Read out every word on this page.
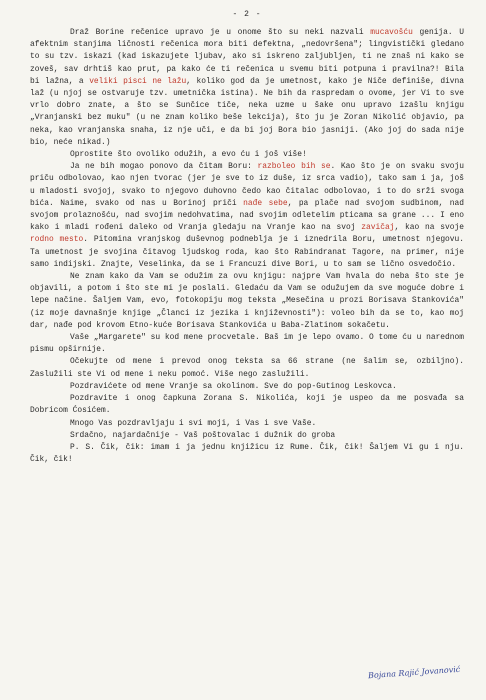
- 2 -

Draž Borine rečenice upravo je u onome što su neki nazvali mucavošću genija. U afektnim stanjima ličnosti rečenica mora biti defektna, „nedovršena"; lingvistički gledano to su tzv. iskazi (kad iskazujete ljubav, ako si iskreno zaljubljen, ti ne znaš ni kako se zoveš, sav drhtiš kao prut, pa kako će ti rečenica u svemu biti potpuna i pravilna?! Bila bi lažna, a veliki pisci ne lažu, koliko god da je umetnost, kako je Niče definiše, divna laž (u njoj se ostvaruje tzv. umetnička istina). Ne bih da raspredam o ovome, jer Vi to sve vrlo dobro znate, a što se Sunčice tiče, neka uzme u šake onu upravo izašlu knjigu „Vranjanski bez muku" (u ne znam koliko beše lekcija), što ju je Zoran Nikolić objavio, pa neka, kao vranjanska snaha, iz nje uči, e da bi joj Bora bio jasniji. (Ako joj do sada nije bio, neće nikad.)

Oprostite što ovoliko odužih, a evo ću i još više!

Ja ne bih mogao ponovo da čitam Boru: razboleo bih se. Kao što je on svaku svoju priču odbolovao, kao njen tvorac (jer je sve to iz duše, iz srca vadio), tako sam i ja, još u mladosti svojoj, svako to njegovo duhovno čedo kao čitalac odbolovao, i to do srži svoga bića. Naime, svako od nas u Borinoj priči nađe sebe, pa plače nad svojom sudbinom, nad svojom prolaznošću, nad svojim nedohvatima, nad svojim odletelim pticama sa grane ... I eno kako i mladi rođeni daleko od Vranja gledaju na Vranje kao na svoj zavičaj, kao na svoje rodno mesto. Pitomina vranjskog duševnog podneblja je i iznedrila Boru, umetnost njegovu. Ta umetnost je svojina čitavog ljudskog roda, kao što Rabindranat Tagore, na primer, nije samo indijski. Znajte, Veselinka, da se i Francuzi dive Bori, u to sam se lično osvedočio.

Ne znam kako da Vam se odužim za ovu knjigu: najpre Vam hvala do neba što ste je objavili, a potom i što ste mi je poslali. Gledaću da Vam se odužujem da sve moguće dobre i lepe načine. Šaljem Vam, evo, fotokopiju mog teksta „Mesečina u prozi Borisava Stankovića" (iz moje davnašnje knjige „Članci iz jezika i književnosti"): voleo bih da se to, kao moj dar, nađe pod krovom Etno-kuće Borisava Stankovića u Baba-Zlatinom sokačetu.

Vaše „Margarete" su kod mene procvetale. Baš im je lepo ovamo. O tome ću u narednom pismu opširnije.

Očekujte od mene i prevod onog teksta sa 66 strane (ne šalim se, ozbiljno). Zaslužili ste Vi od mene i neku pomoć. Više nego zaslužili.

Pozdravićete od mene Vranje sa okolinom. Sve do pop-Gutinog Leskovca.

Pozdravite i onog čapkuna Zorana S. Nikolića, koji je uspeo da me posvađa sa Dobricom Ćosićem.

Mnogo Vas pozdravljaju i svi moji, i Vas i sve Vaše.

Srdačno, najardačnije - Vaš poštovalac i dužnik do groba

P. S. Čik, čik: imam i ja jednu knjižicu iz Rume. Čik, čik! Šaljem Vi gu i nju. Čik, čik!

Bojana Rajić Jovanović
